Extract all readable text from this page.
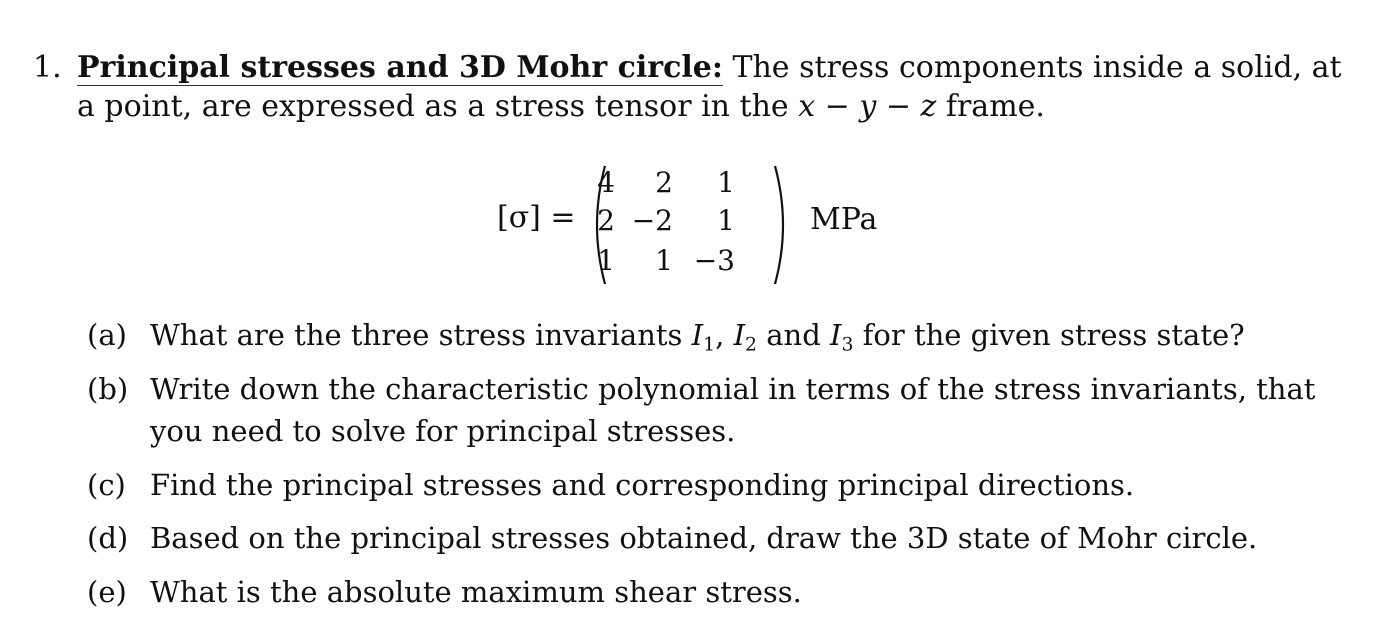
1. Principal stresses and 3D Mohr circle: The stress components inside a solid, at
a point, are expressed as a stress tensor in the x − y − z frame.
[σ] =
4 2 1
2 −2 1
1 1 −3
MPa
(a) What are the three stress invariants $I_1$, $I_2$ and $I_3$ for the given stress state?
(b) Write down the characteristic polynomial in terms of the stress invariants, that
you need to solve for principal stresses.
(c) Find the principal stresses and corresponding principal directions.
(d) Based on the principal stresses obtained, draw the 3D state of Mohr circle.
(e) What is the absolute maximum shear stress.
